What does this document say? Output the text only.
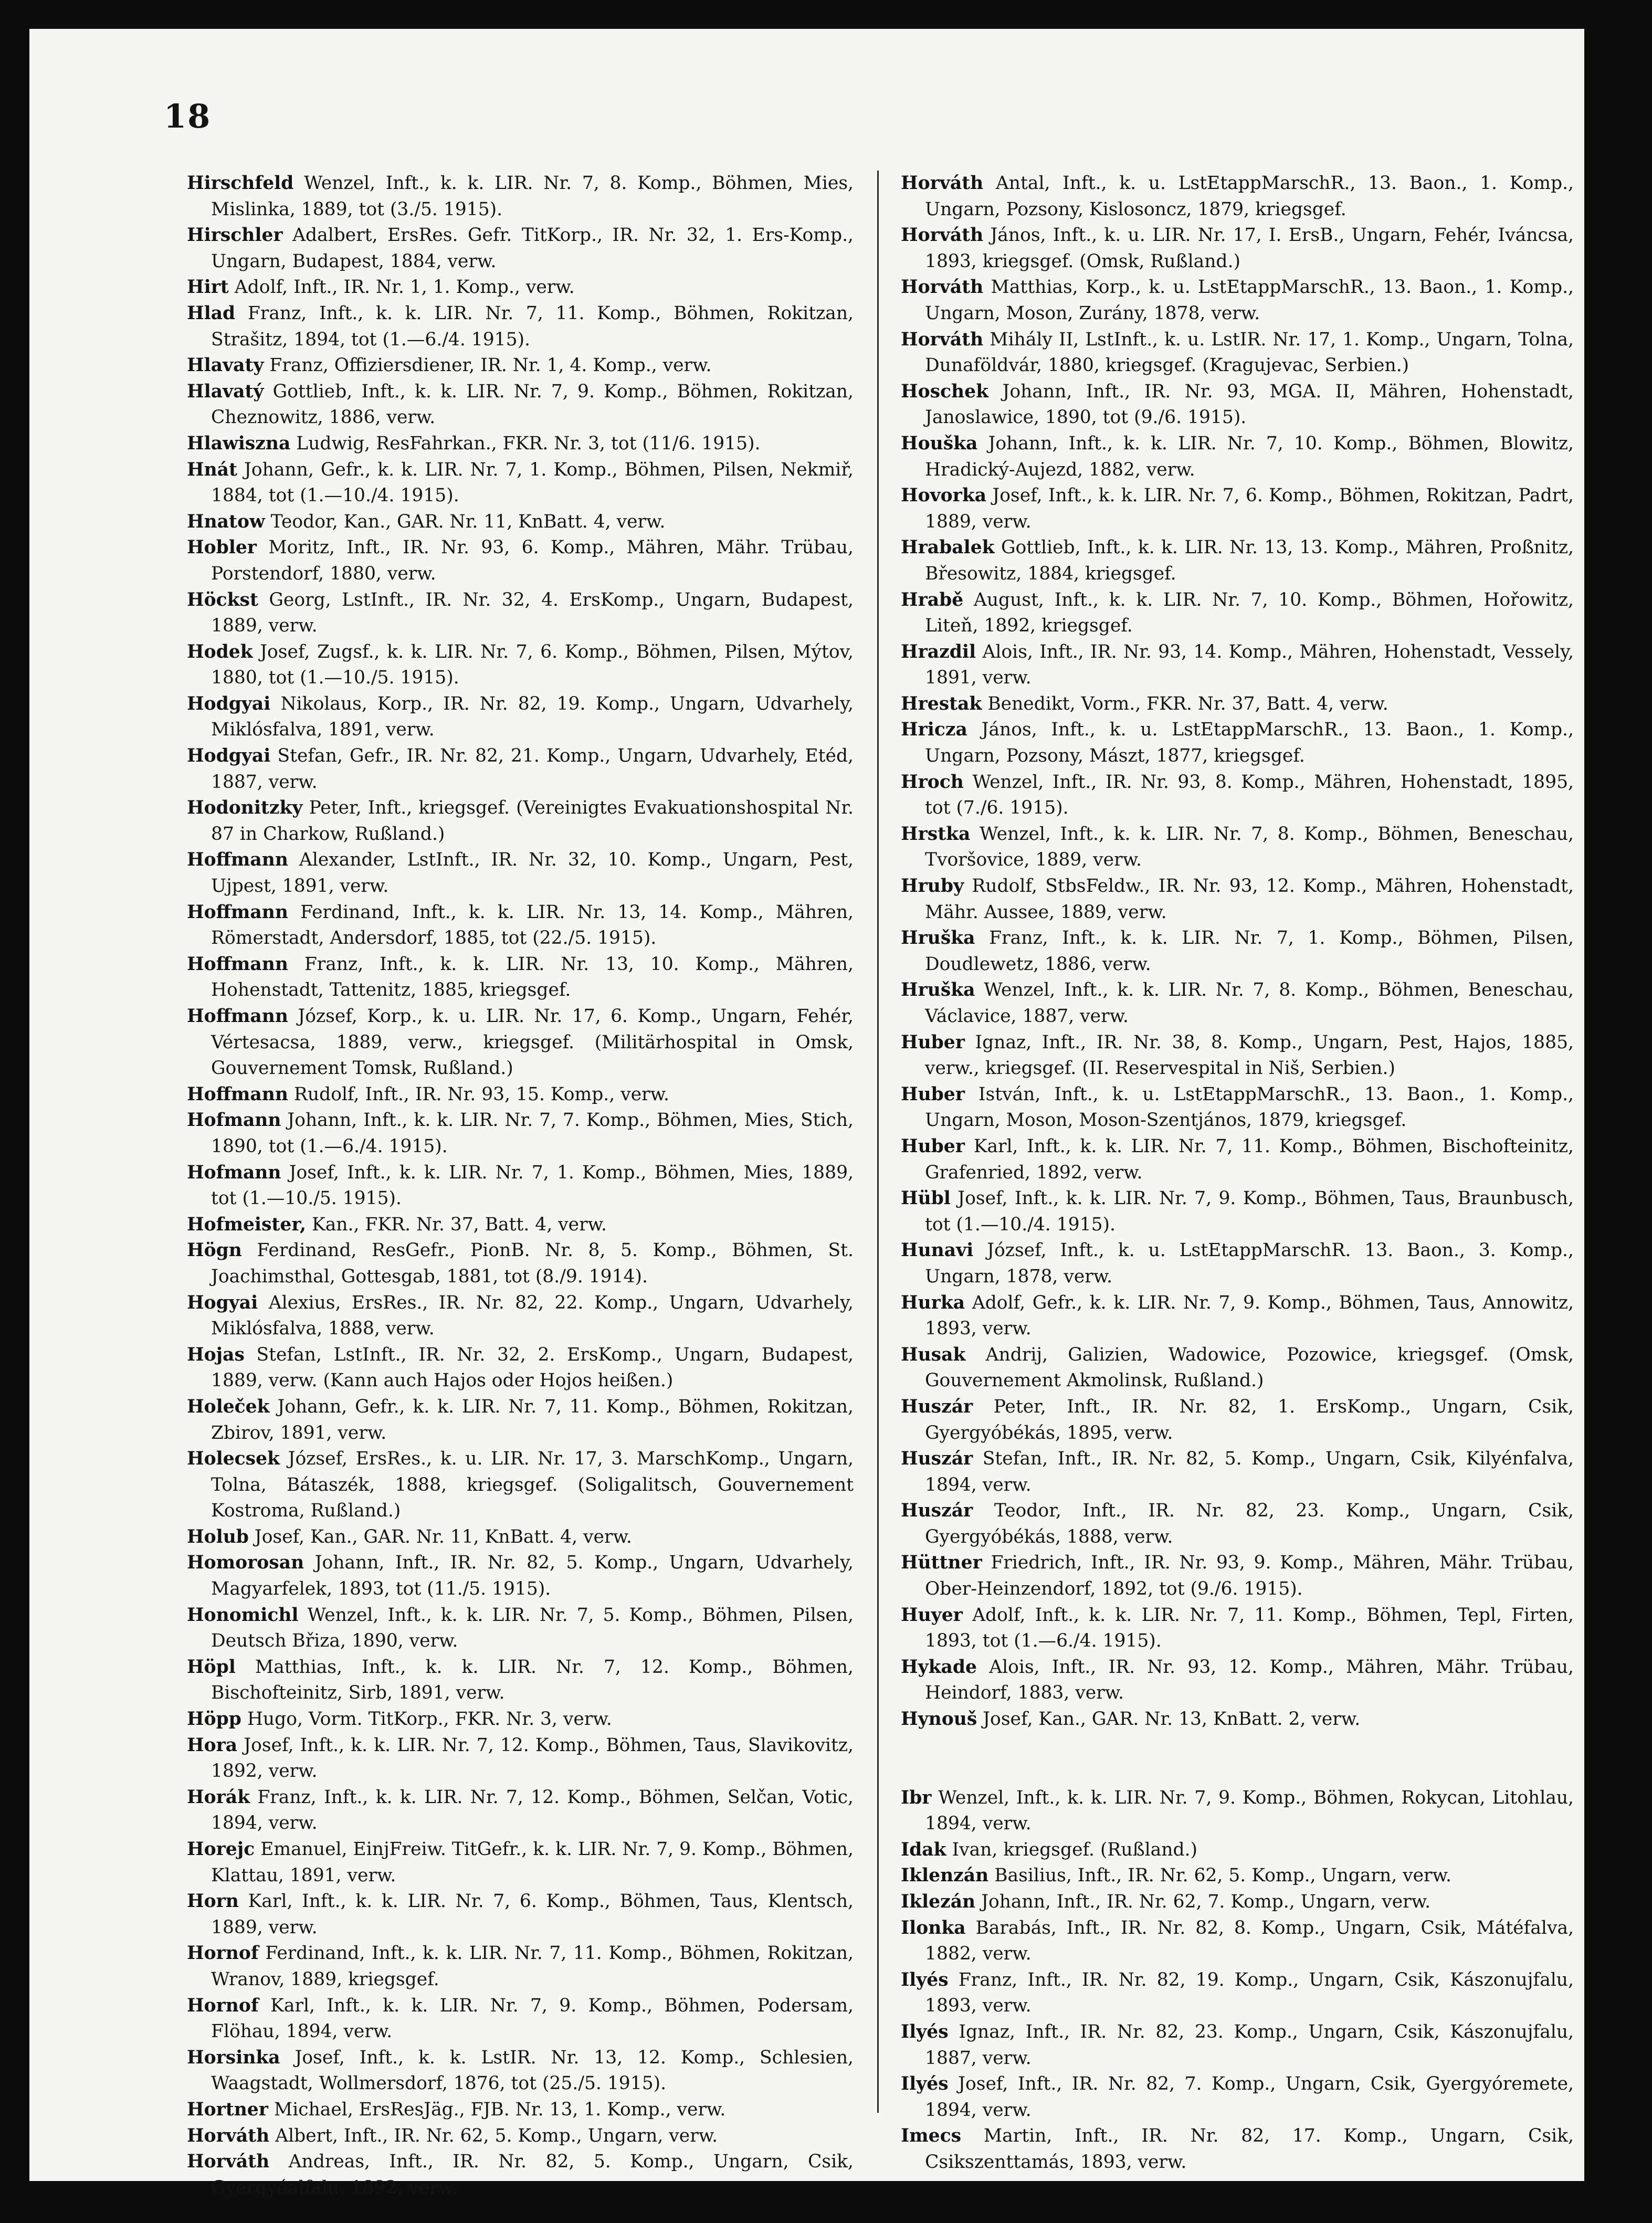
18

Hirschfeld Wenzel, Inft., k. k. LIR. Nr. 7, 8. Komp., Böhmen, Mies, Mislinka, 1889, tot (3./5. 1915).

Hirschler Adalbert, ErsRes. Gefr. TitKorp., IR. Nr. 32, 1. Ers-Komp., Ungarn, Budapest, 1884, verw.

Hirt Adolf, Inft., IR. Nr. 1, 1. Komp., verw.

Hlad Franz, Inft., k. k. LIR. Nr. 7, 11. Komp., Böhmen, Rokitzan, Strašitz, 1894, tot (1.—6./4. 1915).

Hlavaty Franz, Offiziersdiener, IR. Nr. 1, 4. Komp., verw.

Hlavatý Gottlieb, Inft., k. k. LIR. Nr. 7, 9. Komp., Böhmen, Rokitzan, Cheznowitz, 1886, verw.

Hlawiszna Ludwig, ResFahrkan., FKR. Nr. 3, tot (11/6. 1915).

Hnát Johann, Gefr., k. k. LIR. Nr. 7, 1. Komp., Böhmen, Pilsen, Nekmiř, 1884, tot (1.—10./4. 1915).

Hnatow Teodor, Kan., GAR. Nr. 11, KnBatt. 4, verw.

Hobler Moritz, Inft., IR. Nr. 93, 6. Komp., Mähren, Mähr. Trübau, Porstendorf, 1880, verw.

Höckst Georg, LstInft., IR. Nr. 32, 4. ErsKomp., Ungarn, Budapest, 1889, verw.

Hodek Josef, Zugsf., k. k. LIR. Nr. 7, 6. Komp., Böhmen, Pilsen, Mýtov, 1880, tot (1.—10./5. 1915).

Hodgyai Nikolaus, Korp., IR. Nr. 82, 19. Komp., Ungarn, Udvarhely, Miklósfalva, 1891, verw.

Hodgyai Stefan, Gefr., IR. Nr. 82, 21. Komp., Ungarn, Udvarhely, Etéd, 1887, verw.

Hodonitzky Peter, Inft., kriegsgef. (Vereinigtes Evakuationshospital Nr. 87 in Charkow, Rußland.)

Hoffmann Alexander, LstInft., IR. Nr. 32, 10. Komp., Ungarn, Pest, Ujpest, 1891, verw.

Hoffmann Ferdinand, Inft., k. k. LIR. Nr. 13, 14. Komp., Mähren, Römerstadt, Andersdorf, 1885, tot (22./5. 1915).

Hoffmann Franz, Inft., k. k. LIR. Nr. 13, 10. Komp., Mähren, Hohenstadt, Tattenitz, 1885, kriegsgef.

Hoffmann József, Korp., k. u. LIR. Nr. 17, 6. Komp., Ungarn, Fehér, Vértesacsa, 1889, verw., kriegsgef. (Militärhospital in Omsk, Gouvernement Tomsk, Rußland.)

Hoffmann Rudolf, Inft., IR. Nr. 93, 15. Komp., verw.

Hofmann Johann, Inft., k. k. LIR. Nr. 7, 7. Komp., Böhmen, Mies, Stich, 1890, tot (1.—6./4. 1915).

Hofmann Josef, Inft., k. k. LIR. Nr. 7, 1. Komp., Böhmen, Mies, 1889, tot (1.—10./5. 1915).

Hofmeister, Kan., FKR. Nr. 37, Batt. 4, verw.

Högn Ferdinand, ResGefr., PionB. Nr. 8, 5. Komp., Böhmen, St. Joachimsthal, Gottesgab, 1881, tot (8./9. 1914).

Hogyai Alexius, ErsRes., IR. Nr. 82, 22. Komp., Ungarn, Udvarhely, Miklósfalva, 1888, verw.

Hojas Stefan, LstInft., IR. Nr. 32, 2. ErsKomp., Ungarn, Budapest, 1889, verw. (Kann auch Hajos oder Hojos heißen.)

Holeček Johann, Gefr., k. k. LIR. Nr. 7, 11. Komp., Böhmen, Rokitzan, Zbirov, 1891, verw.

Holecsek József, ErsRes., k. u. LIR. Nr. 17, 3. MarschKomp., Ungarn, Tolna, Bátaszék, 1888, kriegsgef. (Soligalitsch, Gouvernement Kostroma, Rußland.)

Holub Josef, Kan., GAR. Nr. 11, KnBatt. 4, verw.

Homorosan Johann, Inft., IR. Nr. 82, 5. Komp., Ungarn, Udvarhely, Magyarfelek, 1893, tot (11./5. 1915).

Honomichl Wenzel, Inft., k. k. LIR. Nr. 7, 5. Komp., Böhmen, Pilsen, Deutsch Břiza, 1890, verw.

Höpl Matthias, Inft., k. k. LIR. Nr. 7, 12. Komp., Böhmen, Bischofteinitz, Sirb, 1891, verw.

Höpp Hugo, Vorm. TitKorp., FKR. Nr. 3, verw.

Hora Josef, Inft., k. k. LIR. Nr. 7, 12. Komp., Böhmen, Taus, Slavikovitz, 1892, verw.

Horák Franz, Inft., k. k. LIR. Nr. 7, 12. Komp., Böhmen, Selčan, Votic, 1894, verw.

Horejc Emanuel, EinjFreiw. TitGefr., k. k. LIR. Nr. 7, 9. Komp., Böhmen, Klattau, 1891, verw.

Horn Karl, Inft., k. k. LIR. Nr. 7, 6. Komp., Böhmen, Taus, Klentsch, 1889, verw.

Hornof Ferdinand, Inft., k. k. LIR. Nr. 7, 11. Komp., Böhmen, Rokitzan, Wranov, 1889, kriegsgef.

Hornof Karl, Inft., k. k. LIR. Nr. 7, 9. Komp., Böhmen, Podersam, Flöhau, 1894, verw.

Horsinka Josef, Inft., k. k. LstIR. Nr. 13, 12. Komp., Schlesien, Waagstadt, Wollmersdorf, 1876, tot (25./5. 1915).

Hortner Michael, ErsResJäg., FJB. Nr. 13, 1. Komp., verw.

Horváth Albert, Inft., IR. Nr. 62, 5. Komp., Ungarn, verw.

Horváth Andreas, Inft., IR. Nr. 82, 5. Komp., Ungarn, Csik, Gyergyóalfalu, 1892, verw.

Horváth Antal, Inft., k. u. LstEtappMarschR., 13. Baon., 1. Komp., Ungarn, Pozsony, Kislosoncz, 1879, kriegsgef.

Horváth János, Inft., k. u. LIR. Nr. 17, I. ErsB., Ungarn, Fehér, Iváncsa, 1893, kriegsgef. (Omsk, Rußland.)

Horváth Matthias, Korp., k. u. LstEtappMarschR., 13. Baon., 1. Komp., Ungarn, Moson, Zurány, 1878, verw.

Horváth Mihály II, LstInft., k. u. LstIR. Nr. 17, 1. Komp., Ungarn, Tolna, Dunaföldvár, 1880, kriegsgef. (Kragujevac, Serbien.)

Hoschek Johann, Inft., IR. Nr. 93, MGA. II, Mähren, Hohenstadt, Janoslawice, 1890, tot (9./6. 1915).

Houška Johann, Inft., k. k. LIR. Nr. 7, 10. Komp., Böhmen, Blowitz, Hradický-Aujezd, 1882, verw.

Hovorka Josef, Inft., k. k. LIR. Nr. 7, 6. Komp., Böhmen, Rokitzan, Padrt, 1889, verw.

Hrabalek Gottlieb, Inft., k. k. LIR. Nr. 13, 13. Komp., Mähren, Proßnitz, Břesowitz, 1884, kriegsgef.

Hrabě August, Inft., k. k. LIR. Nr. 7, 10. Komp., Böhmen, Hořowitz, Liteň, 1892, kriegsgef.

Hrazdil Alois, Inft., IR. Nr. 93, 14. Komp., Mähren, Hohenstadt, Vessely, 1891, verw.

Hrestak Benedikt, Vorm., FKR. Nr. 37, Batt. 4, verw.

Hricza János, Inft., k. u. LstEtappMarschR., 13. Baon., 1. Komp., Ungarn, Pozsony, Mászt, 1877, kriegsgef.

Hroch Wenzel, Inft., IR. Nr. 93, 8. Komp., Mähren, Hohenstadt, 1895, tot (7./6. 1915).

Hrstka Wenzel, Inft., k. k. LIR. Nr. 7, 8. Komp., Böhmen, Beneschau, Tvoršovice, 1889, verw.

Hruby Rudolf, StbsFeldw., IR. Nr. 93, 12. Komp., Mähren, Hohenstadt, Mähr. Aussee, 1889, verw.

Hruška Franz, Inft., k. k. LIR. Nr. 7, 1. Komp., Böhmen, Pilsen, Doudlewetz, 1886, verw.

Hruška Wenzel, Inft., k. k. LIR. Nr. 7, 8. Komp., Böhmen, Beneschau, Václavice, 1887, verw.

Huber Ignaz, Inft., IR. Nr. 38, 8. Komp., Ungarn, Pest, Hajos, 1885, verw., kriegsgef. (II. Reservespital in Niš, Serbien.)

Huber István, Inft., k. u. LstEtappMarschR., 13. Baon., 1. Komp., Ungarn, Moson, Moson-Szentjános, 1879, kriegsgef.

Huber Karl, Inft., k. k. LIR. Nr. 7, 11. Komp., Böhmen, Bischofteinitz, Grafenried, 1892, verw.

Hübl Josef, Inft., k. k. LIR. Nr. 7, 9. Komp., Böhmen, Taus, Braunbusch, tot (1.—10./4. 1915).

Hunavi József, Inft., k. u. LstEtappMarschR. 13. Baon., 3. Komp., Ungarn, 1878, verw.

Hurka Adolf, Gefr., k. k. LIR. Nr. 7, 9. Komp., Böhmen, Taus, Annowitz, 1893, verw.

Husak Andrij, Galizien, Wadowice, Pozowice, kriegsgef. (Omsk, Gouvernement Akmolinsk, Rußland.)

Huszár Peter, Inft., IR. Nr. 82, 1. ErsKomp., Ungarn, Csik, Gyergyóbékás, 1895, verw.

Huszár Stefan, Inft., IR. Nr. 82, 5. Komp., Ungarn, Csik, Kilyénfalva, 1894, verw.

Huszár Teodor, Inft., IR. Nr. 82, 23. Komp., Ungarn, Csik, Gyergyóbékás, 1888, verw.

Hüttner Friedrich, Inft., IR. Nr. 93, 9. Komp., Mähren, Mähr. Trübau, Ober-Heinzendorf, 1892, tot (9./6. 1915).

Huyer Adolf, Inft., k. k. LIR. Nr. 7, 11. Komp., Böhmen, Tepl, Firten, 1893, tot (1.—6./4. 1915).

Hykade Alois, Inft., IR. Nr. 93, 12. Komp., Mähren, Mähr. Trübau, Heindorf, 1883, verw.

Hynouš Josef, Kan., GAR. Nr. 13, KnBatt. 2, verw.

Ibr Wenzel, Inft., k. k. LIR. Nr. 7, 9. Komp., Böhmen, Rokycan, Litohlau, 1894, verw.

Idak Ivan, kriegsgef. (Rußland.)

Iklenzán Basilius, Inft., IR. Nr. 62, 5. Komp., Ungarn, verw.

Iklezán Johann, Inft., IR. Nr. 62, 7. Komp., Ungarn, verw.

Ilonka Barabás, Inft., IR. Nr. 82, 8. Komp., Ungarn, Csik, Mátéfalva, 1882, verw.

Ilyés Franz, Inft., IR. Nr. 82, 19. Komp., Ungarn, Csik, Kászonujfalu, 1893, verw.

Ilyés Ignaz, Inft., IR. Nr. 82, 23. Komp., Ungarn, Csik, Kászonujfalu, 1887, verw.

Ilyés Josef, Inft., IR. Nr. 82, 7. Komp., Ungarn, Csik, Gyergyóremete, 1894, verw.

Imecs Martin, Inft., IR. Nr. 82, 17. Komp., Ungarn, Csik, Csikszenttamás, 1893, verw.
